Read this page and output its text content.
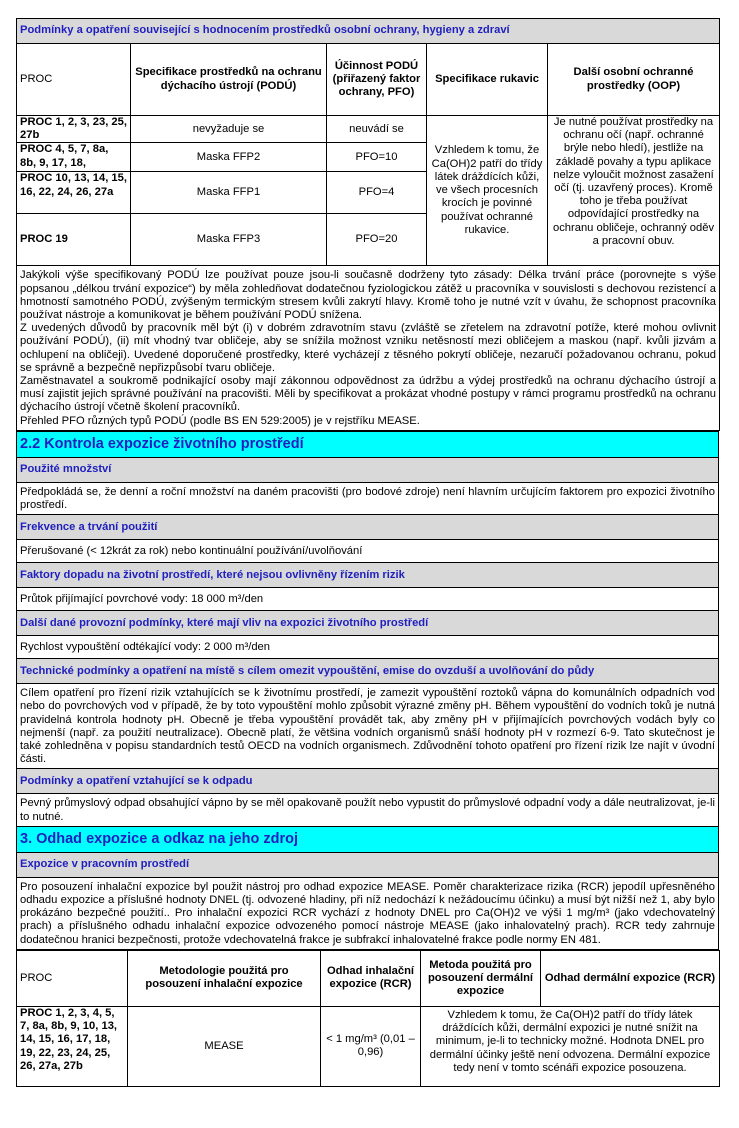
Podmínky a opatření související s hodnocením prostředků osobní ochrany, hygieny a zdraví				
PROC	Specifikace prostředků na ochranu dýchacího ústrojí (PODÚ)	Účinnost PODÚ (přiřazený faktor ochrany, PFO)	Specifikace rukavic	Další osobní ochranné prostředky (OOP)
PROC 1, 2, 3, 23, 25, 27b	nevyžaduje se	neuvádí se	Vzhledem k tomu, že Ca(OH)2 patří do třídy látek dráždících kůži, ve všech procesních krocích je povinné používat ochranné rukavice.	Je nutné používat prostředky na ochranu očí (např. ochranné brýle nebo hledí), jestliže na základě povahy a typu aplikace nelze vyloučit možnost zasažení očí (tj. uzavřený proces). Kromě toho je třeba používat odpovídající prostředky na ochranu obličeje, ochranný oděv a pracovní obuv.
PROC 4, 5, 7, 8a, 8b, 9, 17, 18,	Maska FFP2	PFO=10		
PROC 10, 13, 14, 15, 16, 22, 24, 26, 27a	Maska FFP1	PFO=4		
PROC 19	Maska FFP3	PFO=20		

Jakýkoli výše specifikovaný PODÚ lze používat pouze jsou-li současně dodrženy tyto zásady: Délka trvání práce (porovnejte s výše popsanou „délkou trvání expozice“) by měla zohledňovat dodatečnou fyziologickou zátěž u pracovníka v souvislosti s dechovou rezistencí a hmotností samotného PODÚ, zvýšeným termickým stresem kvůli zakrytí hlavy. Kromě toho je nutné vzít v úvahu, že schopnost pracovníka používat nástroje a komunikovat je během používání PODÚ snížena.
Z uvedených důvodů by pracovník měl být (i) v dobrém zdravotním stavu (zvláště se zřetelem na zdravotní potíže, které mohou ovlivnit používání PODÚ), (ii) mít vhodný tvar obličeje, aby se snížila možnost vzniku netěsností mezi obličejem a maskou (např. kvůli jizvám a ochlupení na obličeji). Uvedené doporučené prostředky, které vycházejí z těsného pokrytí obličeje, nezaručí požadovanou ochranu, pokud se správně a bezpečně nepřizpůsobí tvaru obličeje.
Zaměstnavatel a soukromě podnikající osoby mají zákonnou odpovědnost za údržbu a výdej prostředků na ochranu dýchacího ústrojí a musí zajistit jejich správné používání na pracovišti. Měli by specifikovat a prokázat vhodné postupy v rámci programu prostředků na ochranu dýchacího ústrojí včetně školení pracovníků.
Přehled PFO různých typů PODÚ (podle BS EN 529:2005) je v rejstříku MEASE.				
2.2 Kontrola expozice životního prostředí
Použité množství
Předpokládá se, že denní a roční množství na daném pracovišti (pro bodové zdroje) není hlavním určujícím faktorem pro expozici životního prostředí.
Frekvence a trvání použití
Přerušované (< 12krát za rok) nebo kontinuální používání/uvolňování
Faktory dopadu na životní prostředí, které nejsou ovlivněny řízením rizik
Průtok přijímající povrchové vody: 18 000 m³/den
Další dané provozní podmínky, které mají vliv na expozici životního prostředí
Rychlost vypouštění odtékající vody: 2 000 m³/den
Technické podmínky a opatření na místě s cílem omezit vypouštění, emise do ovzduší a uvolňování do půdy
Cílem opatření pro řízení rizik vztahujících se k životnímu prostředí, je zamezit vypouštění roztoků vápna do komunálních odpadních vod nebo do povrchových vod v případě, že by toto vypouštění mohlo způsobit výrazné změny pH. Během vypouštění do vodních toků je nutná pravidelná kontrola hodnoty pH. Obecně je třeba vypouštění provádět tak, aby změny pH v přijímajících povrchových vodách byly co nejmenší (např. za použití neutralizace). Obecně platí, že většina vodních organismů snáší hodnoty pH v rozmezí 6-9. Tato skutečnost je také zohledněna v popisu standardních testů OECD na vodních organismech. Zdůvodnění tohoto opatření pro řízení rizik lze najít v úvodní části.
Podmínky a opatření vztahující se k odpadu
Pevný průmyslový odpad obsahující vápno by se měl opakovaně použít nebo vypustit do průmyslové odpadní vody a dále neutralizovat, je-li to nutné.
3. Odhad expozice a odkaz na jeho zdroj
Expozice v pracovním prostředí
Pro posouzení inhalační expozice byl použit nástroj pro odhad expozice MEASE. Poměr charakterizace rizika (RCR) jepodíl upřesněného odhadu expozice a příslušné hodnoty DNEL (tj. odvozené hladiny, při níž nedochází k nežádoucímu účinku) a musí být nižší než 1, aby bylo prokázáno bezpečné použití.. Pro inhalační expozici RCR vychází z hodnoty DNEL pro Ca(OH)2 ve výši 1 mg/m³ (jako vdechovatelný prach) a příslušného odhadu inhalační expozice odvozeného pomocí nástroje MEASE (jako inhalovatelný prach). RCR tedy zahrnuje dodatečnou hranici bezpečnosti, protože vdechovatelná frakce je subfrakcí inhalovatelné frakce podle normy EN 481.
PROC	Metodologie použitá pro posouzení inhalační expozice	Odhad inhalační expozice (RCR)	Metoda použitá pro posouzení dermální expozice	Odhad dermální expozice (RCR)
PROC 1, 2, 3, 4, 5, 7, 8a, 8b, 9, 10, 13, 14, 15, 16, 17, 18, 19, 22, 23, 24, 25, 26, 27a, 27b	MEASE	< 1 mg/m³ (0,01 – 0,96)	Vzhledem k tomu, že Ca(OH)2 patří do třídy látek dráždících kůži, dermální expozici je nutné snížit na minimum, je-li to technicky možné. Hodnota DNEL pro dermální účinky ještě není odvozena. Dermální expozice tedy není v tomto scénáři expozice posouzena.	
